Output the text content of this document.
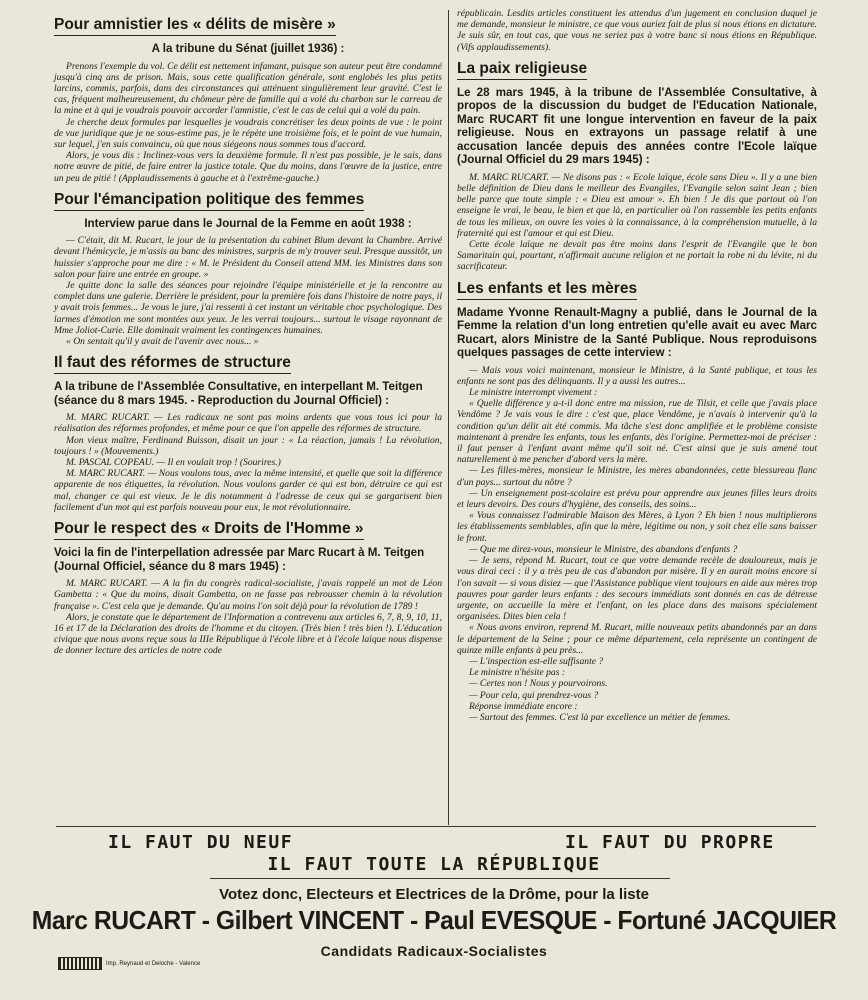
Pour amnistier les « délits de misère »
A la tribune du Sénat (juillet 1936) :

Prenons l'exemple du vol. Ce délit est nettement infamant, puisque son auteur peut être condamné jusqu'à cinq ans de prison. Mais, sous cette qualification générale, sont englobés les plus petits larcins, commis, parfois, dans des circonstances qui atténuent singulièrement leur gravité. C'est le cas, fréquent malheureusement, du chômeur père de famille qui a volé du charbon sur le carreau de la mine et à qui je voudrais pouvoir accorder l'amnistie, c'est le cas de celui qui a volé du pain.

Je cherche deux formules par lesquelles je voudrais concrétiser les deux points de vue : le point de vue juridique que je ne sous-estime pas, je le répète une troisième fois, et le point de vue humain, sur lequel, j'en suis convaincu, où que nous siégeons nous sommes tous d'accord.

Alors, je vous dis : Inclinez-vous vers la deuxième formule. Il n'est pas possible, je le sais, dans notre œuvre de pitié, de faire entrer la justice totale. Que du moins, dans l'œuvre de la justice, entre un peu de pitié ! (Applaudissements à gauche et à l'extrême-gauche.)

Pour l'émancipation politique des femmes
Interview parue dans le Journal de la Femme en août 1938 :

— C'était, dit M. Rucart, le jour de la présentation du cabinet Blum devant la Chambre. Arrivé devant l'hémicycle, je m'assis au banc des ministres, surpris de m'y trouver seul. Presque aussitôt, un huissier s'approche pour me dire : « M. le Président du Conseil attend MM. les Ministres dans son salon pour faire une entrée en groupe. »

Je quitte donc la salle des séances pour rejoindre l'équipe ministérielle et je la rencontre au complet dans une galerie. Derrière le président, pour la première fois dans l'histoire de notre pays, il y avait trois femmes... Je vous le jure, j'ai ressenti à cet instant un véritable choc psychologique. Des larmes d'émotion me sont montées aux yeux. Je les verrai toujours... surtout le visage rayonnant de Mme Joliot-Curie. Elle dominait vraiment les contingences humaines.

« On sentait qu'il y avait de l'avenir avec nous... »

Il faut des réformes de structure
A la tribune de l'Assemblée Consultative, en interpellant M. Teitgen (séance du 8 mars 1945. - Reproduction du Journal Officiel) :

M. MARC RUCART. — Les radicaux ne sont pas moins ardents que vous tous ici pour la réalisation des réformes profondes, et même pour ce que l'on appelle des réformes de structure.

Mon vieux maître, Ferdinand Buisson, disait un jour : « La réaction, jamais ! La révolution, toujours ! » (Mouvements.)

M. PASCAL COPEAU. — Il en voulait trop ! (Sourires.)

M. MARC RUCART. — Nous voulons tous, avec la même intensité, et quelle que soit la différence apparente de nos étiquettes, la révolution. Nous voulons garder ce qui est bon, détruire ce qui est mal, changer ce qui est vieux. Je le dis notamment à l'adresse de ceux qui se gargarisent bien facilement d'un mot qui est parfois nouveau pour eux, le mot révolutionnaire.

Pour le respect des « Droits de l'Homme »
Voici la fin de l'interpellation adressée par Marc Rucart à M. Teitgen (Journal Officiel, séance du 8 mars 1945) :

M. MARC RUCART. — A la fin du congrès radical-socialiste, j'avais rappelé un mot de Léon Gambetta : « Que du moins, disait Gambetta, on ne fasse pas rebrousser chemin à la révolution française ». C'est cela que je demande. Qu'au moins l'on soit déjà pour la révolution de 1789 !

Alors, je constate que le département de l'Information a contrevenu aux articles 6, 7, 8, 9, 10, 11, 16 et 17 de la Déclaration des droits de l'homme et du citoyen. (Très bien ! très bien !). L'éducation civique que nous avons reçue sous la IIIe République à l'école libre et à l'école laïque nous dispense de donner lecture des articles de notre code

républicain. Lesdits articles constituent les attendus d'un jugement en conclusion duquel je me demande, monsieur le ministre, ce que vous auriez fait de plus si nous étions en dictature. Je suis sûr, en tout cas, que vous ne seriez pas à votre banc si nous étions en République. (Vifs applaudissements).

La paix religieuse
Le 28 mars 1945, à la tribune de l'Assemblée Consultative, à propos de la discussion du budget de l'Education Nationale, Marc RUCART fit une longue intervention en faveur de la paix religieuse. Nous en extrayons un passage relatif à une accusation lancée depuis des années contre l'Ecole laïque (Journal Officiel du 29 mars 1945) :

M. MARC RUCART. — Ne disons pas : « Ecole laïque, école sans Dieu ». Il y a une bien belle définition de Dieu dans le meilleur des Evangiles, l'Evangile selon saint Jean ; bien belle parce que toute simple : « Dieu est amour ». Eh bien ! Je dis que partout où l'on enseigne le vrai, le beau, le bien et que là, en particulier où l'on rassemble les petits enfants de tous les milieux, on ouvre les voies à la connaissance, à la compréhension mutuelle, à la fraternité qui est l'amour et qui est Dieu.

Cette école laïque ne devait pas être moins dans l'esprit de l'Evangile que le bon Samaritain qui, pourtant, n'affirmait aucune religion et ne portait la robe ni du lévite, ni du sacrificateur.

Les enfants et les mères
Madame Yvonne Renault-Magny a publié, dans le Journal de la Femme la relation d'un long entretien qu'elle avait eu avec Marc Rucart, alors Ministre de la Santé Publique. Nous reproduisons quelques passages de cette interview :

— Mais vous voici maintenant, monsieur le Ministre, à la Santé publique, et tous les enfants ne sont pas des délinquants. Il y a aussi les autres...

Le ministre interrompt vivement :

« Quelle différence y a-t-il donc entre ma mission, rue de Tilsit, et celle que j'avais place Vendôme ? Je vais vous le dire : c'est que, place Vendôme, je n'avais à intervenir qu'à la condition qu'un délit ait été commis. Ma tâche s'est donc amplifiée et le problème consiste maintenant à prendre les enfants, tous les enfants, dès l'origine. Permettez-moi de préciser : il faut penser à l'enfant avant même qu'il soit né. C'est ainsi que je suis amené tout naturellement à me pencher d'abord vers la mère.

— Les filles-mères, monsieur le Ministre, les mères abandonnées, cette blessureau flanc d'un pays... surtout du nôtre ?

— Un enseignement post-scolaire est prévu pour apprendre aux jeunes filles leurs droits et leurs devoirs. Des cours d'hygiène, des conseils, des soins...

« Vous connaissez l'admirable Maison des Mères, à Lyon ? Eh bien ! nous multiplierons les établissements semblables, afin que la mère, légitime ou non, y soit chez elle sans baisser le front.

— Que me direz-vous, monsieur le Ministre, des abandons d'enfants ?

— Je sens, répond M. Rucart, tout ce que votre demande recèle de douloureux, mais je vous dirai ceci : il y a très peu de cas d'abandon par misère. Il y en aurait moins encore si l'on savait — si vous disiez — que l'Assistance publique vient toujours en aide aux mères trop pauvres pour garder leurs enfants : des secours immédiats sont donnés en cas de détresse urgente, on accueille la mère et l'enfant, on les place dans des maisons spécialement organisées. Dites bien cela !

« Nous avons environ, reprend M. Rucart, mille nouveaux petits abandonnés par an dans le département de la Seine ; pour ce même département, cela représente un contingent de quinze mille enfants à peu près...

— L'inspection est-elle suffisante ?

Le ministre n'hésite pas :

— Certes non ! Nous y pourvoirons.

— Pour cela, qui prendrez-vous ?

Réponse immédiate encore :

— Surtout des femmes. C'est là par excellence un métier de femmes.

IL FAUT DU NEUF	IL FAUT DU PROPRE
IL FAUT TOUTE LA RÉPUBLIQUE
Votez donc, Electeurs et Electrices de la Drôme, pour la liste
Marc RUCART - Gilbert VINCENT - Paul EVESQUE - Fortuné JACQUIER
Candidats Radicaux-Socialistes
Imp. Reynaud et Deloche - Valence
